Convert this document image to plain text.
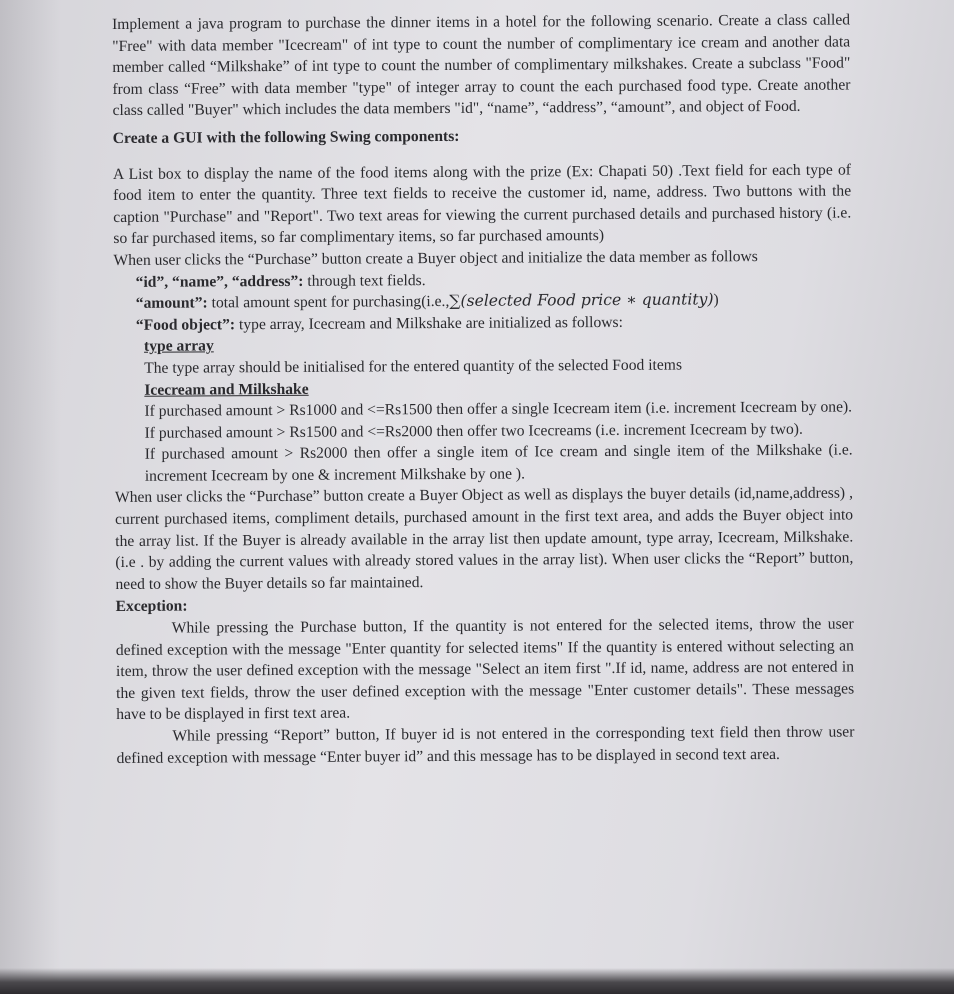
Implement a java program to purchase the dinner items in a hotel for the following scenario. Create a class called "Free" with data member "Icecream" of int type to count the number of complimentary ice cream and another data member called “Milkshake” of int type to count the number of complimentary milkshakes. Create a subclass "Food" from class “Free” with data member "type" of integer array to count the each purchased food type. Create another class called "Buyer" which includes the data members "id", “name”, “address”, “amount”, and object of Food.

Create a GUI with the following Swing components:

A List box to display the name of the food items along with the prize (Ex: Chapati 50) .Text field for each type of food item to enter the quantity. Three text fields to receive the customer id, name, address. Two buttons with the caption "Purchase" and "Report". Two text areas for viewing the current purchased details and purchased history (i.e. so far purchased items, so far complimentary items, so far purchased amounts)

When user clicks the “Purchase” button create a Buyer object and initialize the data member as follows

“id”, “name”, “address”: through text fields.

“amount”: total amount spent for purchasing(i.e.,∑(selected Food price ∗ quantity))

“Food object”: type array, Icecream and Milkshake are initialized as follows:

type array

The type array should be initialised for the entered quantity of the selected Food items

Icecream and Milkshake

If purchased amount > Rs1000 and <=Rs1500 then offer a single Icecream item (i.e. increment Icecream by one).

If purchased amount > Rs1500 and <=Rs2000 then offer two Icecreams (i.e. increment Icecream by two).

If purchased amount > Rs2000 then offer a single item of Ice cream and single item of the Milkshake (i.e. increment Icecream by one & increment Milkshake by one ).

When user clicks the “Purchase” button create a Buyer Object as well as displays the buyer details (id,name,address) , current purchased items, compliment details, purchased amount in the first text area, and adds the Buyer object into the array list. If the Buyer is already available in the array list then update amount, type array, Icecream, Milkshake. (i.e . by adding the current values with already stored values in the array list). When user clicks the “Report” button, need to show the Buyer details so far maintained.

Exception:

While pressing the Purchase button, If the quantity is not entered for the selected items, throw the user defined exception with the message "Enter quantity for selected items" If the quantity is entered without selecting an item, throw the user defined exception with the message "Select an item first ".If id, name, address are not entered in the given text fields, throw the user defined exception with the message "Enter customer details". These messages have to be displayed in first text area.

While pressing “Report” button, If buyer id is not entered in the corresponding text field then throw user defined exception with message “Enter buyer id” and this message has to be displayed in second text area.
